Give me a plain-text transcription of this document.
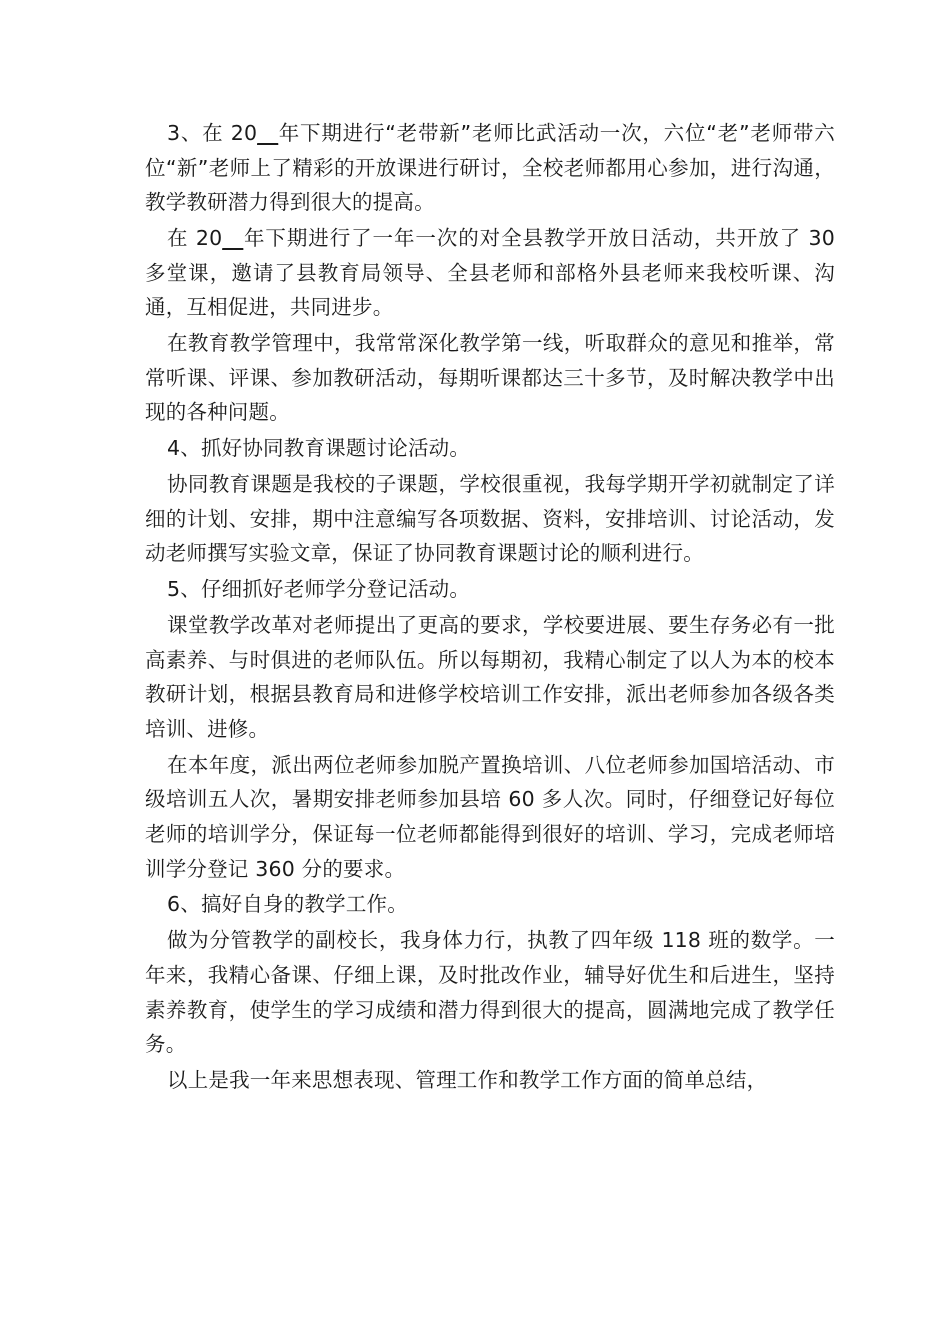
3、在 20__年下期进行“老带新”老师比武活动一次，六位“老”老师带六位“新”老师上了精彩的开放课进行研讨，全校老师都用心参加，进行沟通，教学教研潜力得到很大的提高。

在 20__年下期进行了一年一次的对全县教学开放日活动，共开放了 30 多堂课，邀请了县教育局领导、全县老师和部格外县老师来我校听课、沟通，互相促进，共同进步。

在教育教学管理中，我常常深化教学第一线，听取群众的意见和推举，常常听课、评课、参加教研活动，每期听课都达三十多节，及时解决教学中出现的各种问题。

4、抓好协同教育课题讨论活动。

协同教育课题是我校的子课题，学校很重视，我每学期开学初就制定了详细的计划、安排，期中注意编写各项数据、资料，安排培训、讨论活动，发动老师撰写实验文章，保证了协同教育课题讨论的顺利进行。

5、仔细抓好老师学分登记活动。

课堂教学改革对老师提出了更高的要求，学校要进展、要生存务必有一批高素养、与时俱进的老师队伍。所以每期初，我精心制定了以人为本的校本教研计划，根据县教育局和进修学校培训工作安排，派出老师参加各级各类培训、进修。

在本年度，派出两位老师参加脱产置换培训、八位老师参加国培活动、市级培训五人次，暑期安排老师参加县培 60 多人次。同时，仔细登记好每位老师的培训学分，保证每一位老师都能得到很好的培训、学习，完成老师培训学分登记 360 分的要求。

6、搞好自身的教学工作。

做为分管教学的副校长，我身体力行，执教了四年级 118 班的数学。一年来，我精心备课、仔细上课，及时批改作业，辅导好优生和后进生，坚持素养教育，使学生的学习成绩和潜力得到很大的提高，圆满地完成了教学任务。

以上是我一年来思想表现、管理工作和教学工作方面的简单总结，
